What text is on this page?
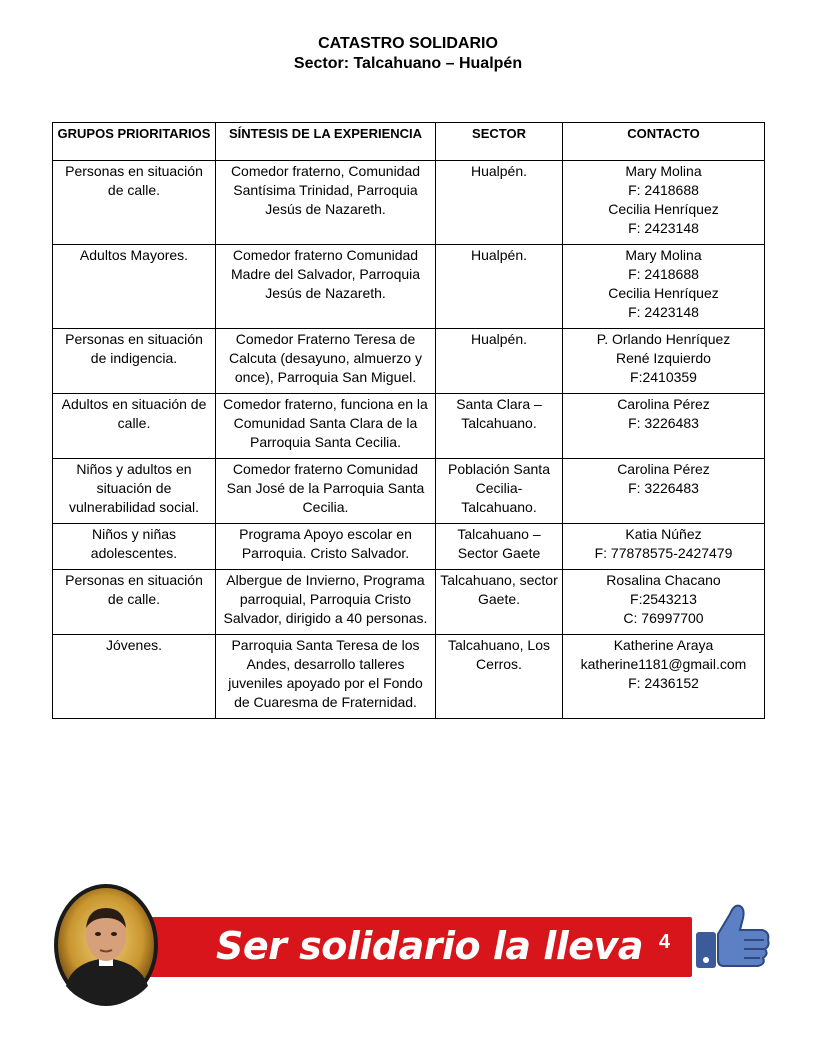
CATASTRO SOLIDARIO
Sector: Talcahuano – Hualpén
GRUPOS PRIORITARIOS	SÍNTESIS DE LA EXPERIENCIA	SECTOR	CONTACTO
Personas en situación de calle.	Comedor fraterno, Comunidad Santísima Trinidad, Parroquia Jesús de Nazareth.	Hualpén.	Mary Molina
F: 2418688
Cecilia Henríquez
F: 2423148

Adultos Mayores.	Comedor fraterno Comunidad Madre del Salvador, Parroquia Jesús de Nazareth.	Hualpén.	Mary Molina
F: 2418688
Cecilia Henríquez
F: 2423148

Personas en situación de indigencia.	Comedor Fraterno Teresa de Calcuta (desayuno, almuerzo y once), Parroquia San Miguel.	Hualpén.	P. Orlando Henríquez
René Izquierdo
F:2410359

Adultos en situación de calle.	Comedor fraterno, funciona en la Comunidad Santa Clara de la Parroquia Santa Cecilia.	Santa Clara – Talcahuano.	Carolina Pérez
F: 3226483

Niños y adultos en situación de vulnerabilidad social.	Comedor fraterno Comunidad San José de la Parroquia Santa Cecilia.	Población Santa Cecilia- Talcahuano.	Carolina Pérez
F: 3226483

Niños y niñas adolescentes.	Programa Apoyo escolar en Parroquia. Cristo Salvador.	Talcahuano – Sector Gaete	Katia Núñez
F: 77878575-2427479

Personas en situación de calle.	Albergue de Invierno, Programa parroquial, Parroquia Cristo Salvador, dirigido a 40 personas.	Talcahuano, sector Gaete.	Rosalina Chacano
F:2543213
C: 76997700

Jóvenes.	Parroquia Santa Teresa de los Andes, desarrollo talleres juveniles apoyado por el Fondo de Cuaresma de Fraternidad.	Talcahuano, Los Cerros.	Katherine Araya
katherine1181@gmail.com
F: 2436152
Ser solidario la lleva 4
